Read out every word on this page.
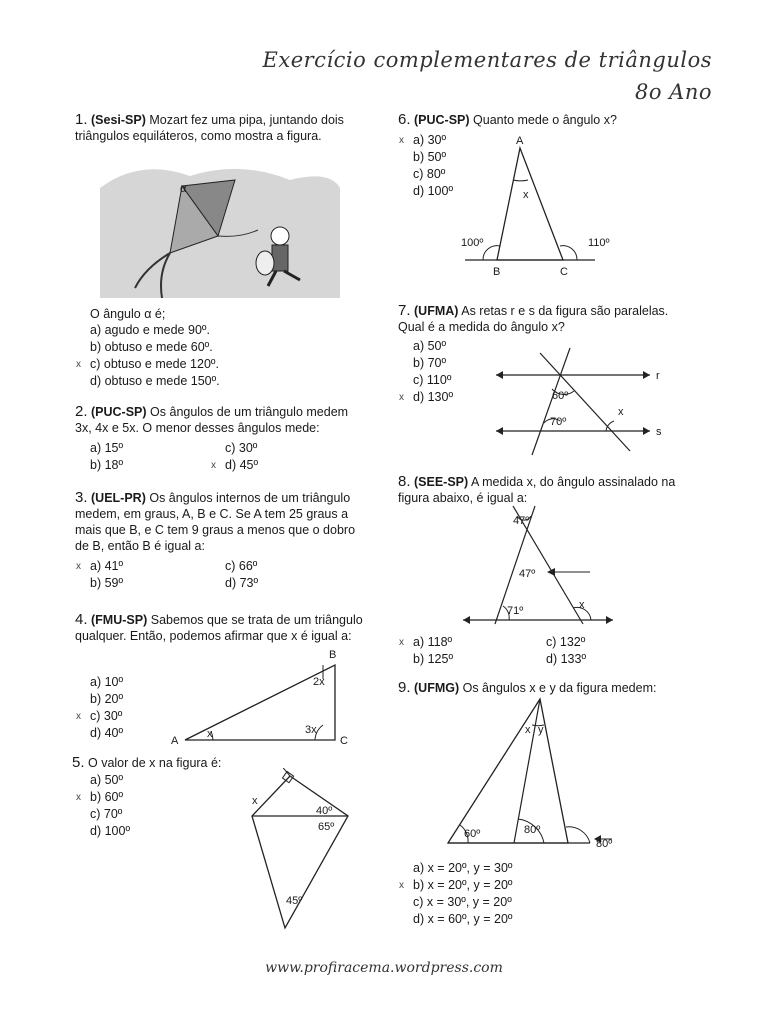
Exercício complementares de triângulos
8o Ano
1. (Sesi-SP) Mozart fez uma pipa, juntando dois triângulos equiláteros, como mostra a figura.
α
O ângulo α é;
a) agudo e mede 90º.
b) obtuso e mede 60º.
x c) obtuso e mede 120º.
d) obtuso e mede 150º.
2. (PUC-SP) Os ângulos de um triângulo medem 3x, 4x e 5x. O menor desses ângulos mede:
a) 15º	c) 30º
b) 18º	x d) 45º
3. (UEL-PR) Os ângulos internos de um triângulo medem, em graus, A, B e C. Se A tem 25 graus a mais que B, e C tem 9 graus a menos que o dobro de B, então B é igual a:
x a) 41º	c) 66º
b) 59º	d) 73º
4. (FMU-SP) Sabemos que se trata de um triângulo qualquer. Então, podemos afirmar que x é igual a:
a) 10º
b) 20º
x c) 30º
d) 40º
A	C
B
x
2x
3x
5. O valor de x na figura é:
a) 50º
x b) 60º
c) 70º
d) 100º
x
40º
65º
45º
6. (PUC-SP) Quanto mede o ângulo x?
x a) 30º
b) 50º
c) 80º
d) 100º
A
B	C
x
100º	110º
7. (UFMA) As retas r e s da figura são paralelas. Qual é a medida do ângulo x?
a) 50º
b) 70º
c) 110º
x d) 130º
r
s
60º
70º
x
8. (SEE-SP) A medida x, do ângulo assinalado na figura abaixo, é igual a:
47º
47º
71º	x
x a) 118º	c) 132º
b) 125º	d) 133º
9. (UFMG) Os ângulos x e y da figura medem:
x y
60º	80º
80º
a) x = 20º, y = 30º
x b) x = 20º, y = 20º
c) x = 30º, y = 20º
d) x = 60º, y = 20º
www.profiracema.wordpress.com
